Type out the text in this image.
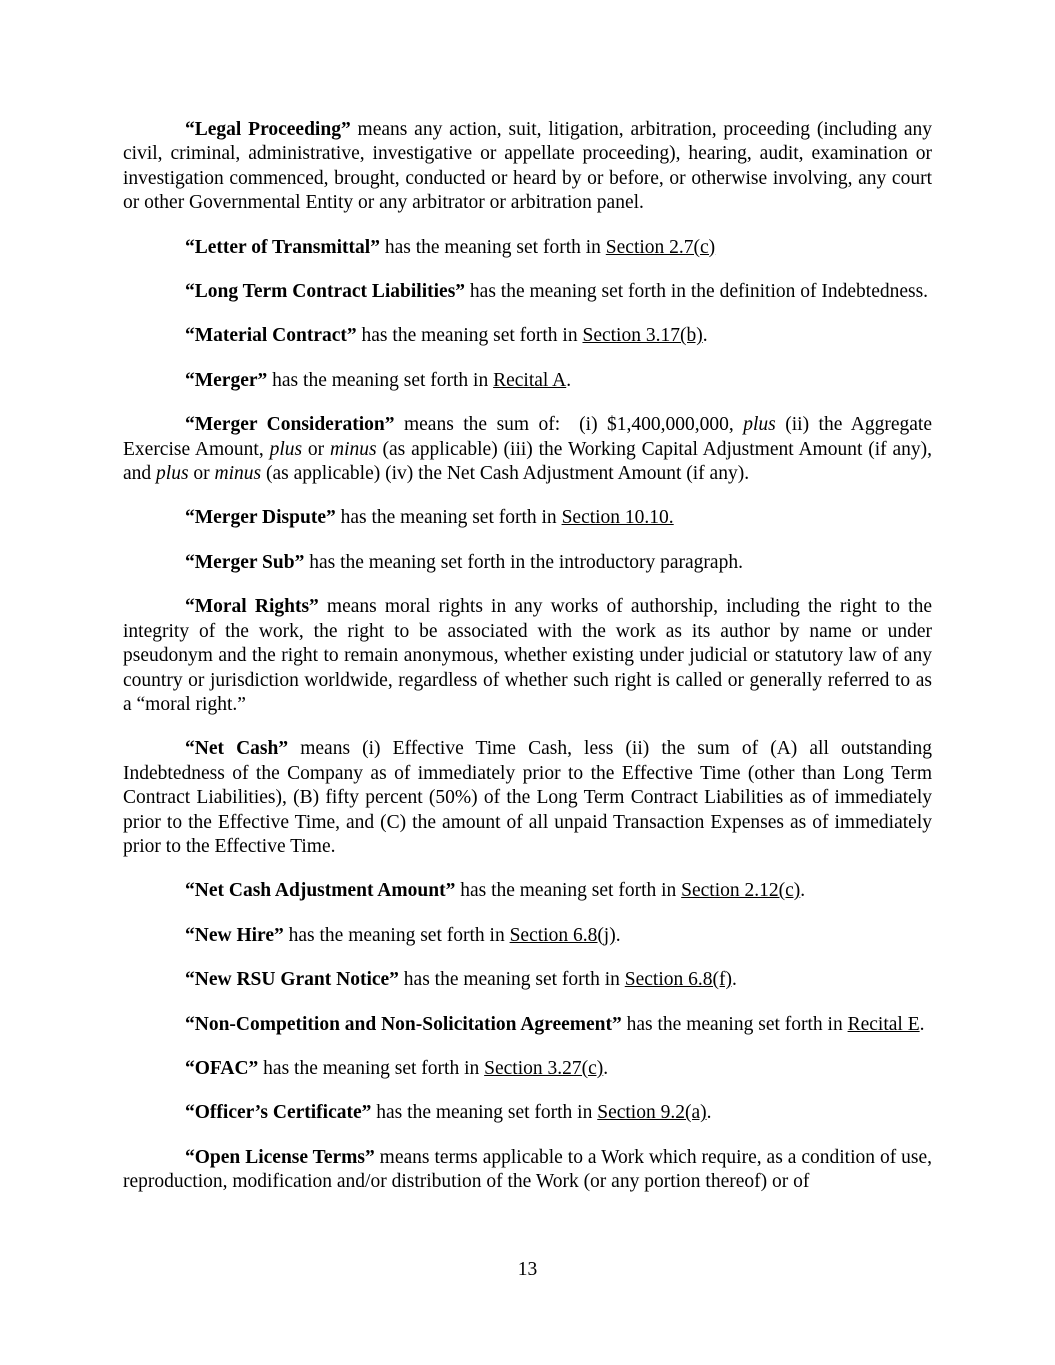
“Legal Proceeding” means any action, suit, litigation, arbitration, proceeding (including any civil, criminal, administrative, investigative or appellate proceeding), hearing, audit, examination or investigation commenced, brought, conducted or heard by or before, or otherwise involving, any court or other Governmental Entity or any arbitrator or arbitration panel.

“Letter of Transmittal” has the meaning set forth in Section 2.7(c)

“Long Term Contract Liabilities” has the meaning set forth in the definition of Indebtedness.

“Material Contract” has the meaning set forth in Section 3.17(b).

“Merger” has the meaning set forth in Recital A.

“Merger Consideration” means the sum of:  (i) $1,400,000,000, plus (ii) the Aggregate Exercise Amount, plus or minus (as applicable) (iii) the Working Capital Adjustment Amount (if any), and plus or minus (as applicable) (iv) the Net Cash Adjustment Amount (if any).

“Merger Dispute” has the meaning set forth in Section 10.10.

“Merger Sub” has the meaning set forth in the introductory paragraph.

“Moral Rights” means moral rights in any works of authorship, including the right to the integrity of the work, the right to be associated with the work as its author by name or under pseudonym and the right to remain anonymous, whether existing under judicial or statutory law of any country or jurisdiction worldwide, regardless of whether such right is called or generally referred to as a “moral right.”

“Net Cash” means (i) Effective Time Cash, less (ii) the sum of (A) all outstanding Indebtedness of the Company as of immediately prior to the Effective Time (other than Long Term Contract Liabilities), (B) fifty percent (50%) of the Long Term Contract Liabilities as of immediately prior to the Effective Time, and (C) the amount of all unpaid Transaction Expenses as of immediately prior to the Effective Time.

“Net Cash Adjustment Amount” has the meaning set forth in Section 2.12(c).

“New Hire” has the meaning set forth in Section 6.8(j).

“New RSU Grant Notice” has the meaning set forth in Section 6.8(f).

“Non-Competition and Non-Solicitation Agreement” has the meaning set forth in Recital E.

“OFAC” has the meaning set forth in Section 3.27(c).

“Officer’s Certificate” has the meaning set forth in Section 9.2(a).

“Open License Terms” means terms applicable to a Work which require, as a condition of use, reproduction, modification and/or distribution of the Work (or any portion thereof) or of

13
